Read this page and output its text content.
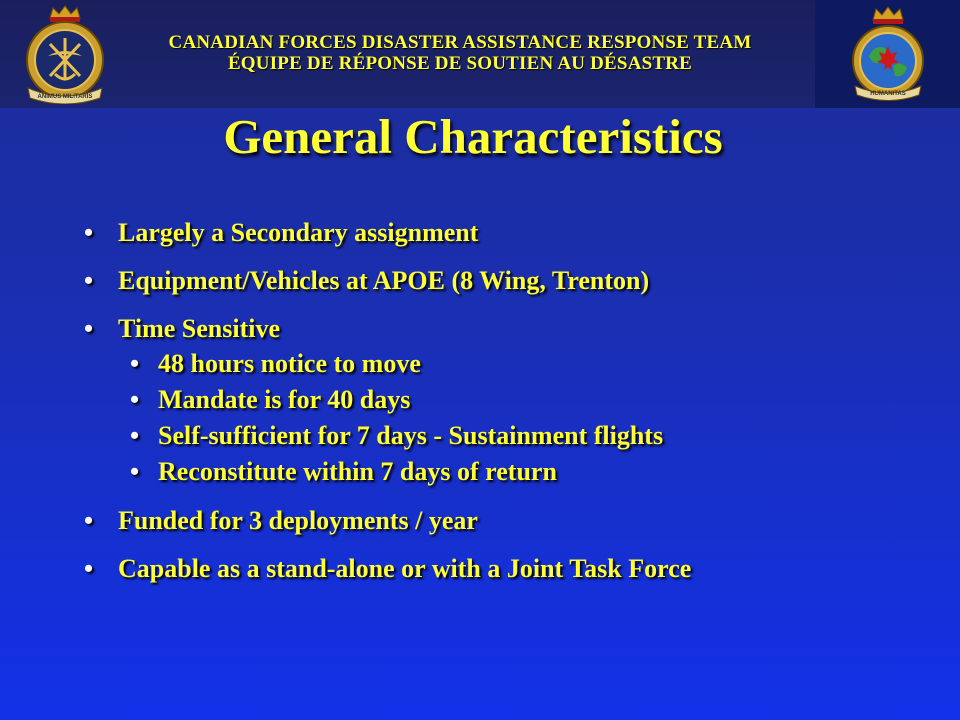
ANIMUS MILITARIS	HUMANITAS
CANADIAN FORCES DISASTER ASSISTANCE RESPONSE TEAM
ÉQUIPE DE RÉPONSE DE SOUTIEN AU DÉSASTRE
General Characteristics
• Largely a Secondary assignment
• Equipment/Vehicles at APOE (8 Wing, Trenton)
• Time Sensitive
• 48 hours notice to move
• Mandate is for 40 days
• Self-sufficient for 7 days - Sustainment flights
• Reconstitute within 7 days of return
• Funded for 3 deployments / year
• Capable as a stand-alone or with a Joint Task Force
